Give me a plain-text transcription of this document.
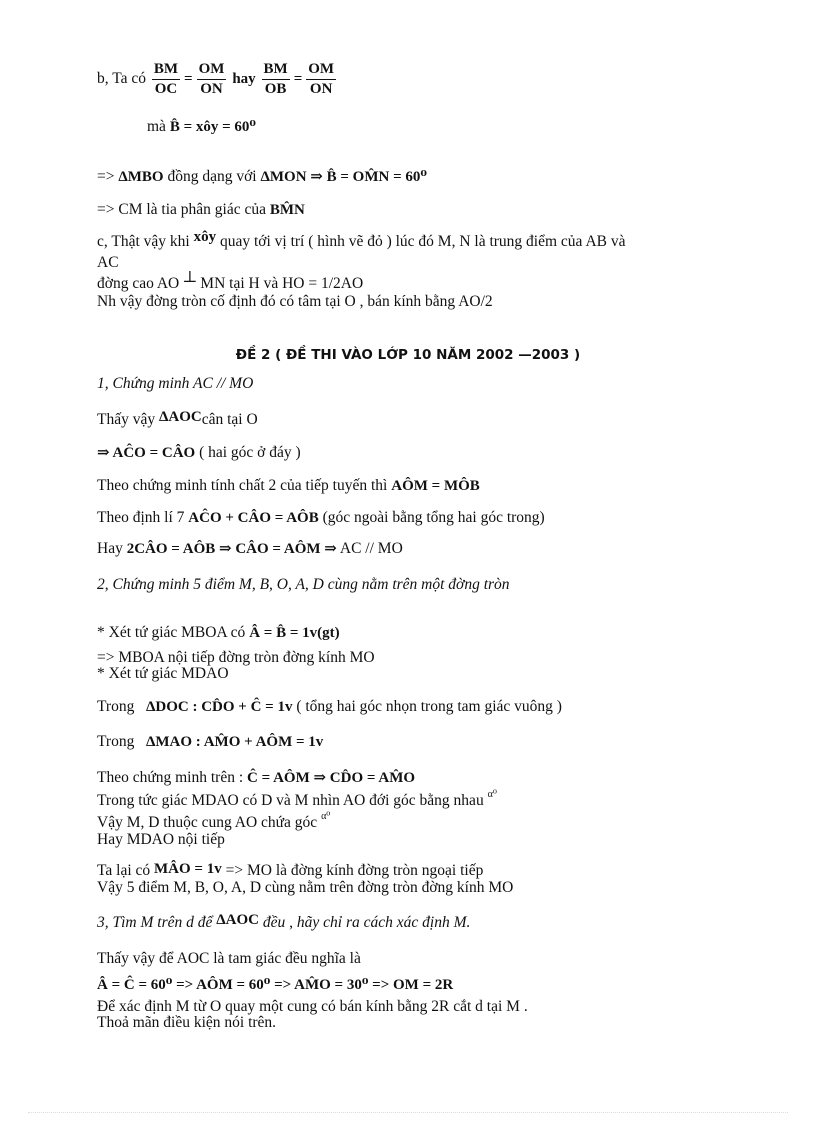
b, Ta có $\frac{BM}{OC} = \frac{OM}{ON}$ hay $\frac{BM}{OB} = \frac{OM}{ON}$
mà B̂ = xôy = 60⁰
=> ΔMBO đồng dạng với ΔMON ⇒ B̂ = OM̂N = 60⁰
=> CM là tia phân giác của BM̂N
c, Thật vậy khi xôy quay tới vị trí ( hình vẽ đỏ ) lúc đó M, N là trung điểm của AB và
AC
đờng cao AO ⊥ MN tại H và HO = 1/2AO
Nh vậy đờng tròn cố định đó có tâm tại O , bán kính bằng AO/2
ĐỀ 2 ( ĐỀ THI VÀO LỚP 10 NĂM 2002 —2003 )
1, Chứng minh AC // MO
Thấy vậy ΔAOCcân tại O
⇒ AĈO = CÂO ( hai góc ở đáy )
Theo chứng minh tính chất 2 của tiếp tuyến thì AÔM = MÔB
Theo định lí 7 AĈO + CÂO = AÔB (góc ngoài bằng tổng hai góc trong)
Hay 2CÂO = AÔB ⇒ CÂO = AÔM ⇒ AC // MO
2, Chứng minh 5 điểm M, B, O, A, D cùng nằm trên một đờng tròn
* Xét tứ giác MBOA có Â = B̂ = 1v(gt)
=> MBOA nội tiếp đờng tròn đờng kính MO
* Xét tứ giác MDAO
Trong ΔDOC : CD̂O + Ĉ = 1v ( tổng hai góc nhọn trong tam giác vuông )
Trong ΔMAO : AM̂O + AÔM = 1v
Theo chứng minh trên : Ĉ = AÔM ⇒ CD̂O = AM̂O
Trong tức giác MDAO có D và M nhìn AO đới góc bằng nhau $^{\alpha^0}$
Vậy M, D thuộc cung AO chứa góc $^{\alpha^0}$
Hay MDAO nội tiếp
Ta lại có MÂO = 1v => MO là đờng kính đờng tròn ngoại tiếp
Vậy 5 điểm M, B, O, A, D cùng nằm trên đờng tròn đờng kính MO
3, Tìm M trên d để ΔAOC đều , hãy chỉ ra cách xác định M.
Thấy vậy để AOC là tam giác đều nghĩa là
Â = Ĉ = 60⁰ => AÔM = 60⁰ => AM̂O = 30⁰ => OM = 2R
Để xác định M từ O quay một cung có bán kính bằng 2R cắt d tại M .
Thoả mãn điều kiện nói trên.
